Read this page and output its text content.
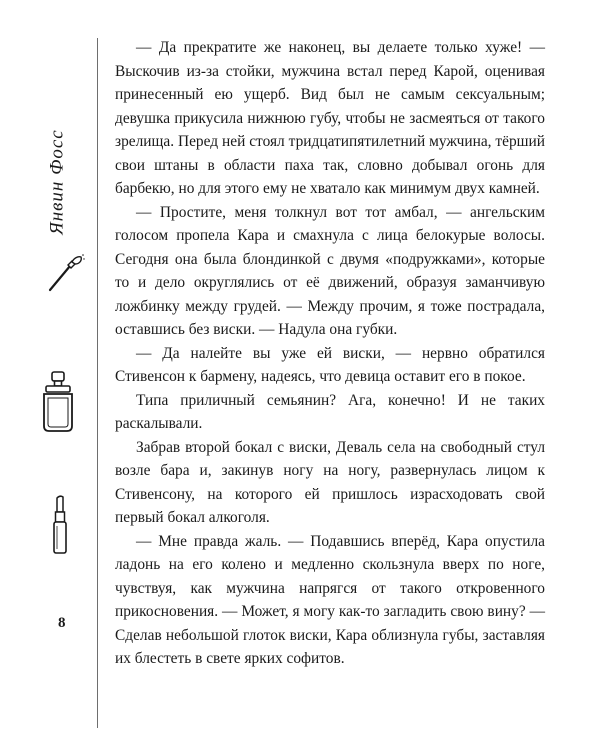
Янвин Фосс
8

— Да прекратите же наконец, вы делаете только хуже! — Выскочив из-за стойки, мужчина встал перед Карой, оценивая принесенный ею ущерб. Вид был не самым сексуальным; девушка прикусила нижнюю губу, чтобы не засмеяться от такого зрелища. Перед ней стоял тридцатипятилетний мужчина, тёрший свои штаны в области паха так, словно добывал огонь для барбекю, но для этого ему не хватало как минимум двух камней.

— Простите, меня толкнул вот тот амбал, — ангельским голосом пропела Кара и смахнула с лица белокурые волосы. Сегодня она была блондинкой с двумя «подружками», которые то и дело округлялись от её движений, образуя заманчивую ложбинку между грудей. — Между прочим, я тоже пострадала, оставшись без виски. — Надула она губки.

— Да налейте вы уже ей виски, — нервно обратился Стивенсон к бармену, надеясь, что девица оставит его в покое.

Типа приличный семьянин? Ага, конечно! И не таких раскалывали.

Забрав второй бокал с виски, Деваль села на свободный стул возле бара и, закинув ногу на ногу, развернулась лицом к Стивенсону, на которого ей пришлось израсходовать свой первый бокал алкоголя.

— Мне правда жаль. — Подавшись вперёд, Кара опустила ладонь на его колено и медленно скользнула вверх по ноге, чувствуя, как мужчина напрягся от такого откровенного прикосновения. — Может, я могу как-то загладить свою вину? — Сделав небольшой глоток виски, Кара облизнула губы, заставляя их блестеть в свете ярких софитов.
